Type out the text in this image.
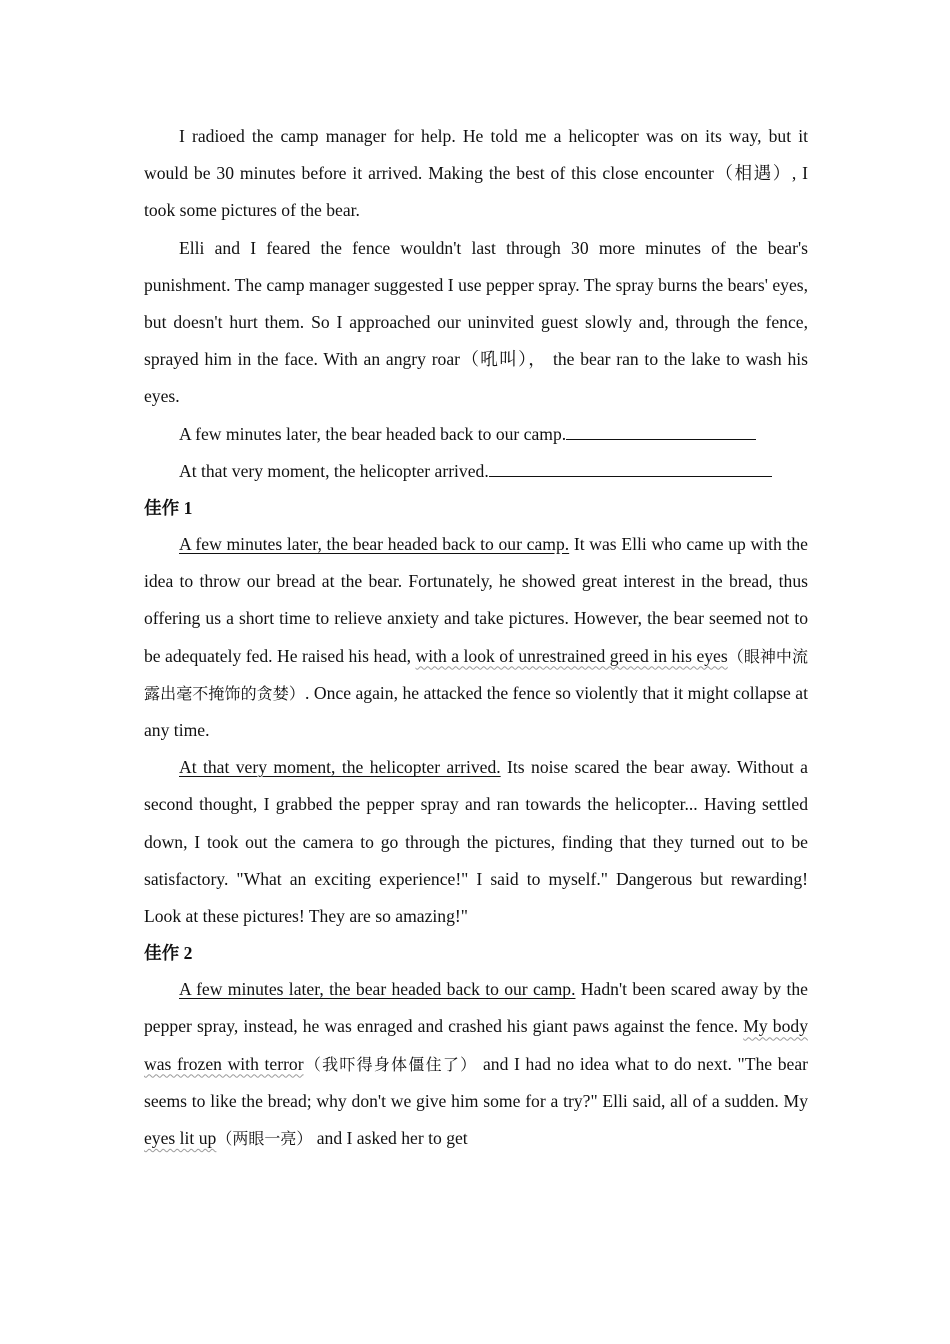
I radioed the camp manager for help. He told me a helicopter was on its way, but it would be 30 minutes before it arrived. Making the best of this close encounter（相遇）, I took some pictures of the bear.

Elli and I feared the fence wouldn't last through 30 more minutes of the bear's punishment. The camp manager suggested I use pepper spray. The spray burns the bears' eyes, but doesn't hurt them. So I approached our uninvited guest slowly and, through the fence, sprayed him in the face. With an angry roar（吼叫）， the bear ran to the lake to wash his eyes.

A few minutes later, the bear headed back to our camp.

At that very moment, the helicopter arrived.

佳作 1

A few minutes later, the bear headed back to our camp. It was Elli who came up with the idea to throw our bread at the bear. Fortunately, he showed great interest in the bread, thus offering us a short time to relieve anxiety and take pictures. However, the bear seemed not to be adequately fed. He raised his head, with a look of unrestrained greed in his eyes（眼神中流露出毫不掩饰的贪婪）. Once again, he attacked the fence so violently that it might collapse at any time.

At that very moment, the helicopter arrived. Its noise scared the bear away. Without a second thought, I grabbed the pepper spray and ran towards the helicopter... Having settled down, I took out the camera to go through the pictures, finding that they turned out to be satisfactory. "What an exciting experience!" I said to myself." Dangerous but rewarding! Look at these pictures! They are so amazing!"

佳作 2

A few minutes later, the bear headed back to our camp. Hadn't been scared away by the pepper spray, instead, he was enraged and crashed his giant paws against the fence. My body was frozen with terror（我吓得身体僵住了） and I had no idea what to do next. "The bear seems to like the bread; why don't we give him some for a try?" Elli said, all of a sudden. My eyes lit up（两眼一亮） and I asked her to get
